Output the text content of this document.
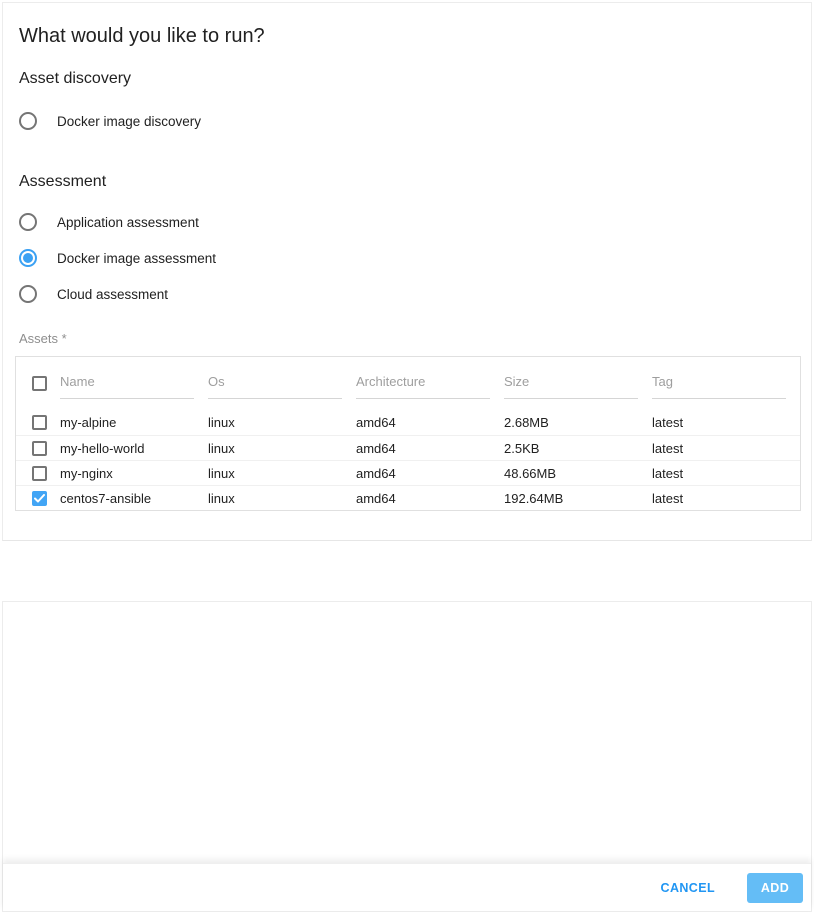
What would you like to run?
Asset discovery
Docker image discovery
Assessment
Application assessment
Docker image assessment
Cloud assessment
Assets *
Name	Os	Architecture	Size	Tag
my-alpine	linux	amd64	2.68MB	latest
my-hello-world	linux	amd64	2.5KB	latest
my-nginx	linux	amd64	48.66MB	latest
centos7-ansible	linux	amd64	192.64MB	latest
CANCEL	ADD
